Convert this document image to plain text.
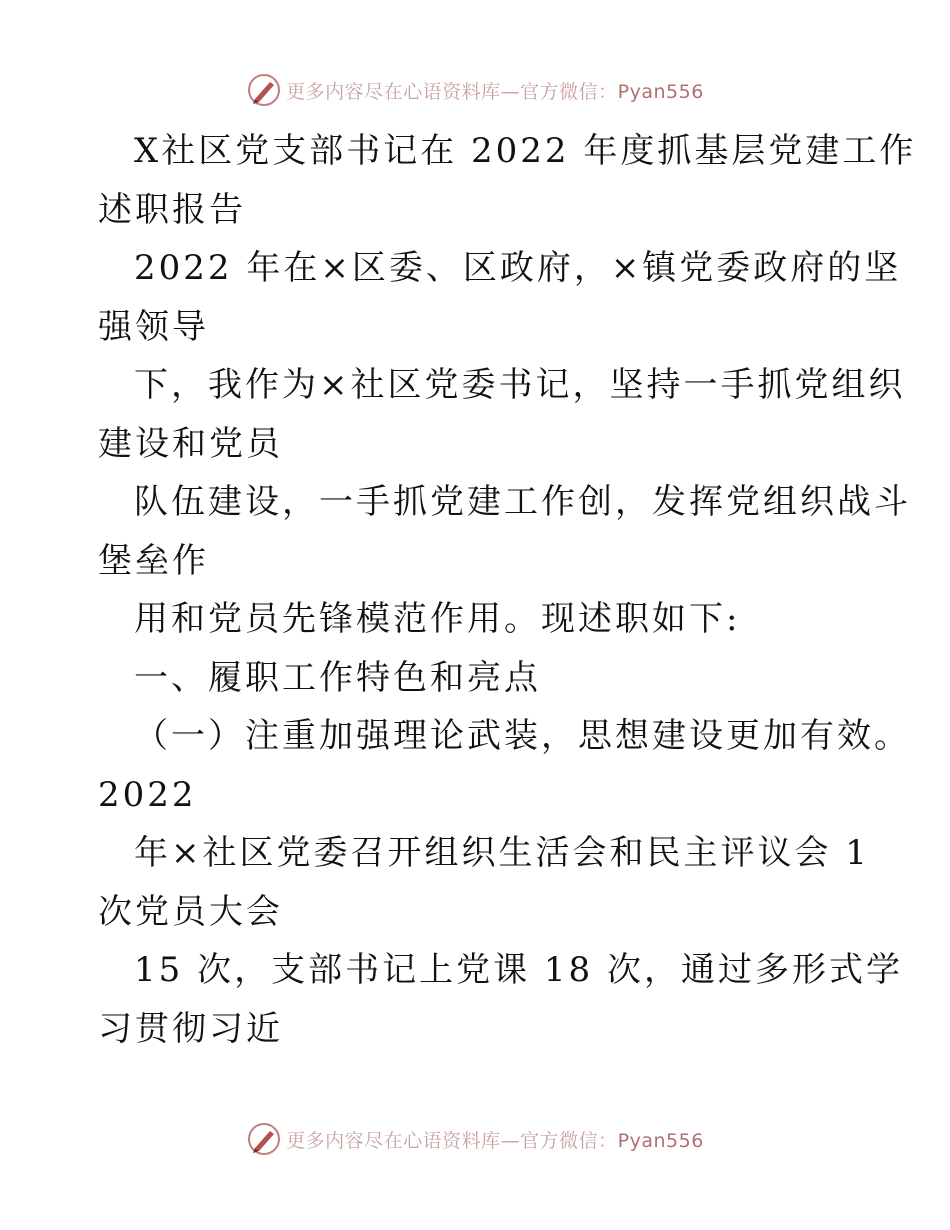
更多内容尽在心语资料库—官方微信：Pyan556
X社区党支部书记在 2022 年度抓基层党建工作
述职报告
2022 年在×区委、区政府，×镇党委政府的坚
强领导
下，我作为×社区党委书记，坚持一手抓党组织
建设和党员
队伍建设，一手抓党建工作创，发挥党组织战斗
堡垒作
用和党员先锋模范作用。现述职如下:
一、履职工作特色和亮点
（一）注重加强理论武装，思想建设更加有效。
2022
年×社区党委召开组织生活会和民主评议会 1
次党员大会
15 次，支部书记上党课 18 次，通过多形式学
习贯彻习近
更多内容尽在心语资料库—官方微信：Pyan556
